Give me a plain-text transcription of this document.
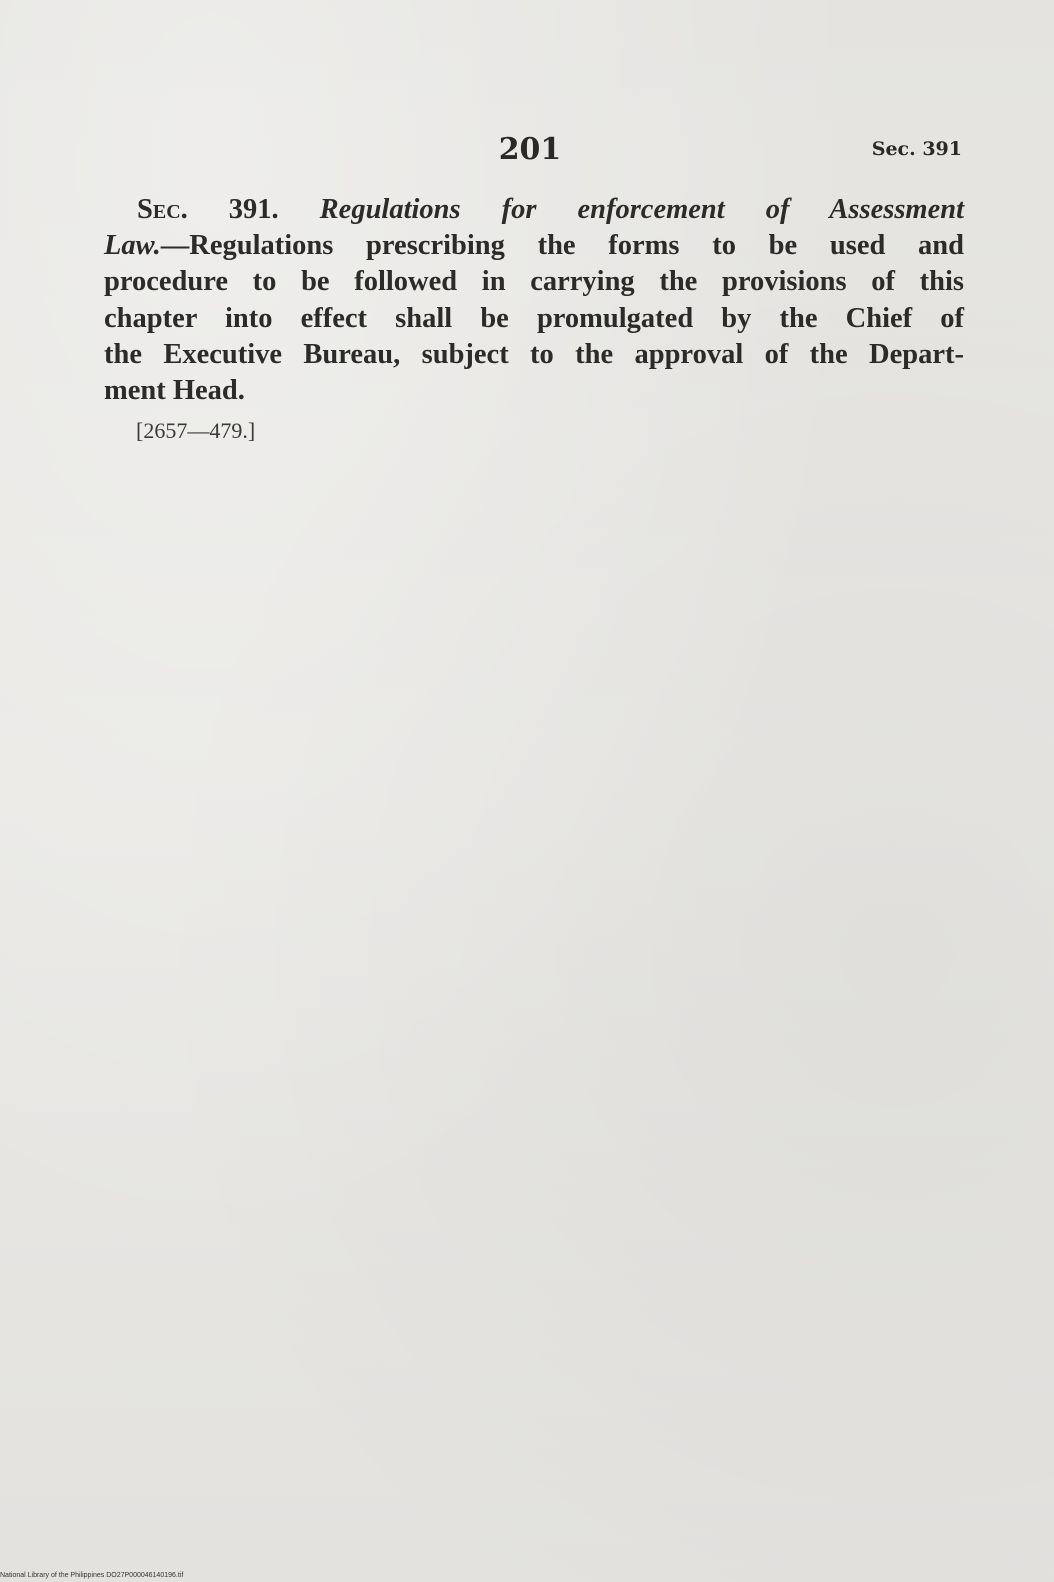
201	Sec. 391
Sec. 391. Regulations for enforcement of Assessment
Law.—Regulations prescribing the forms to be used and
procedure to be followed in carrying the provisions of this
chapter into effect shall be promulgated by the Chief of
the Executive Bureau, subject to the approval of the Depart-
ment Head.
[2657—479.]
National Library of the Philippines DO27P000046140196.tif
